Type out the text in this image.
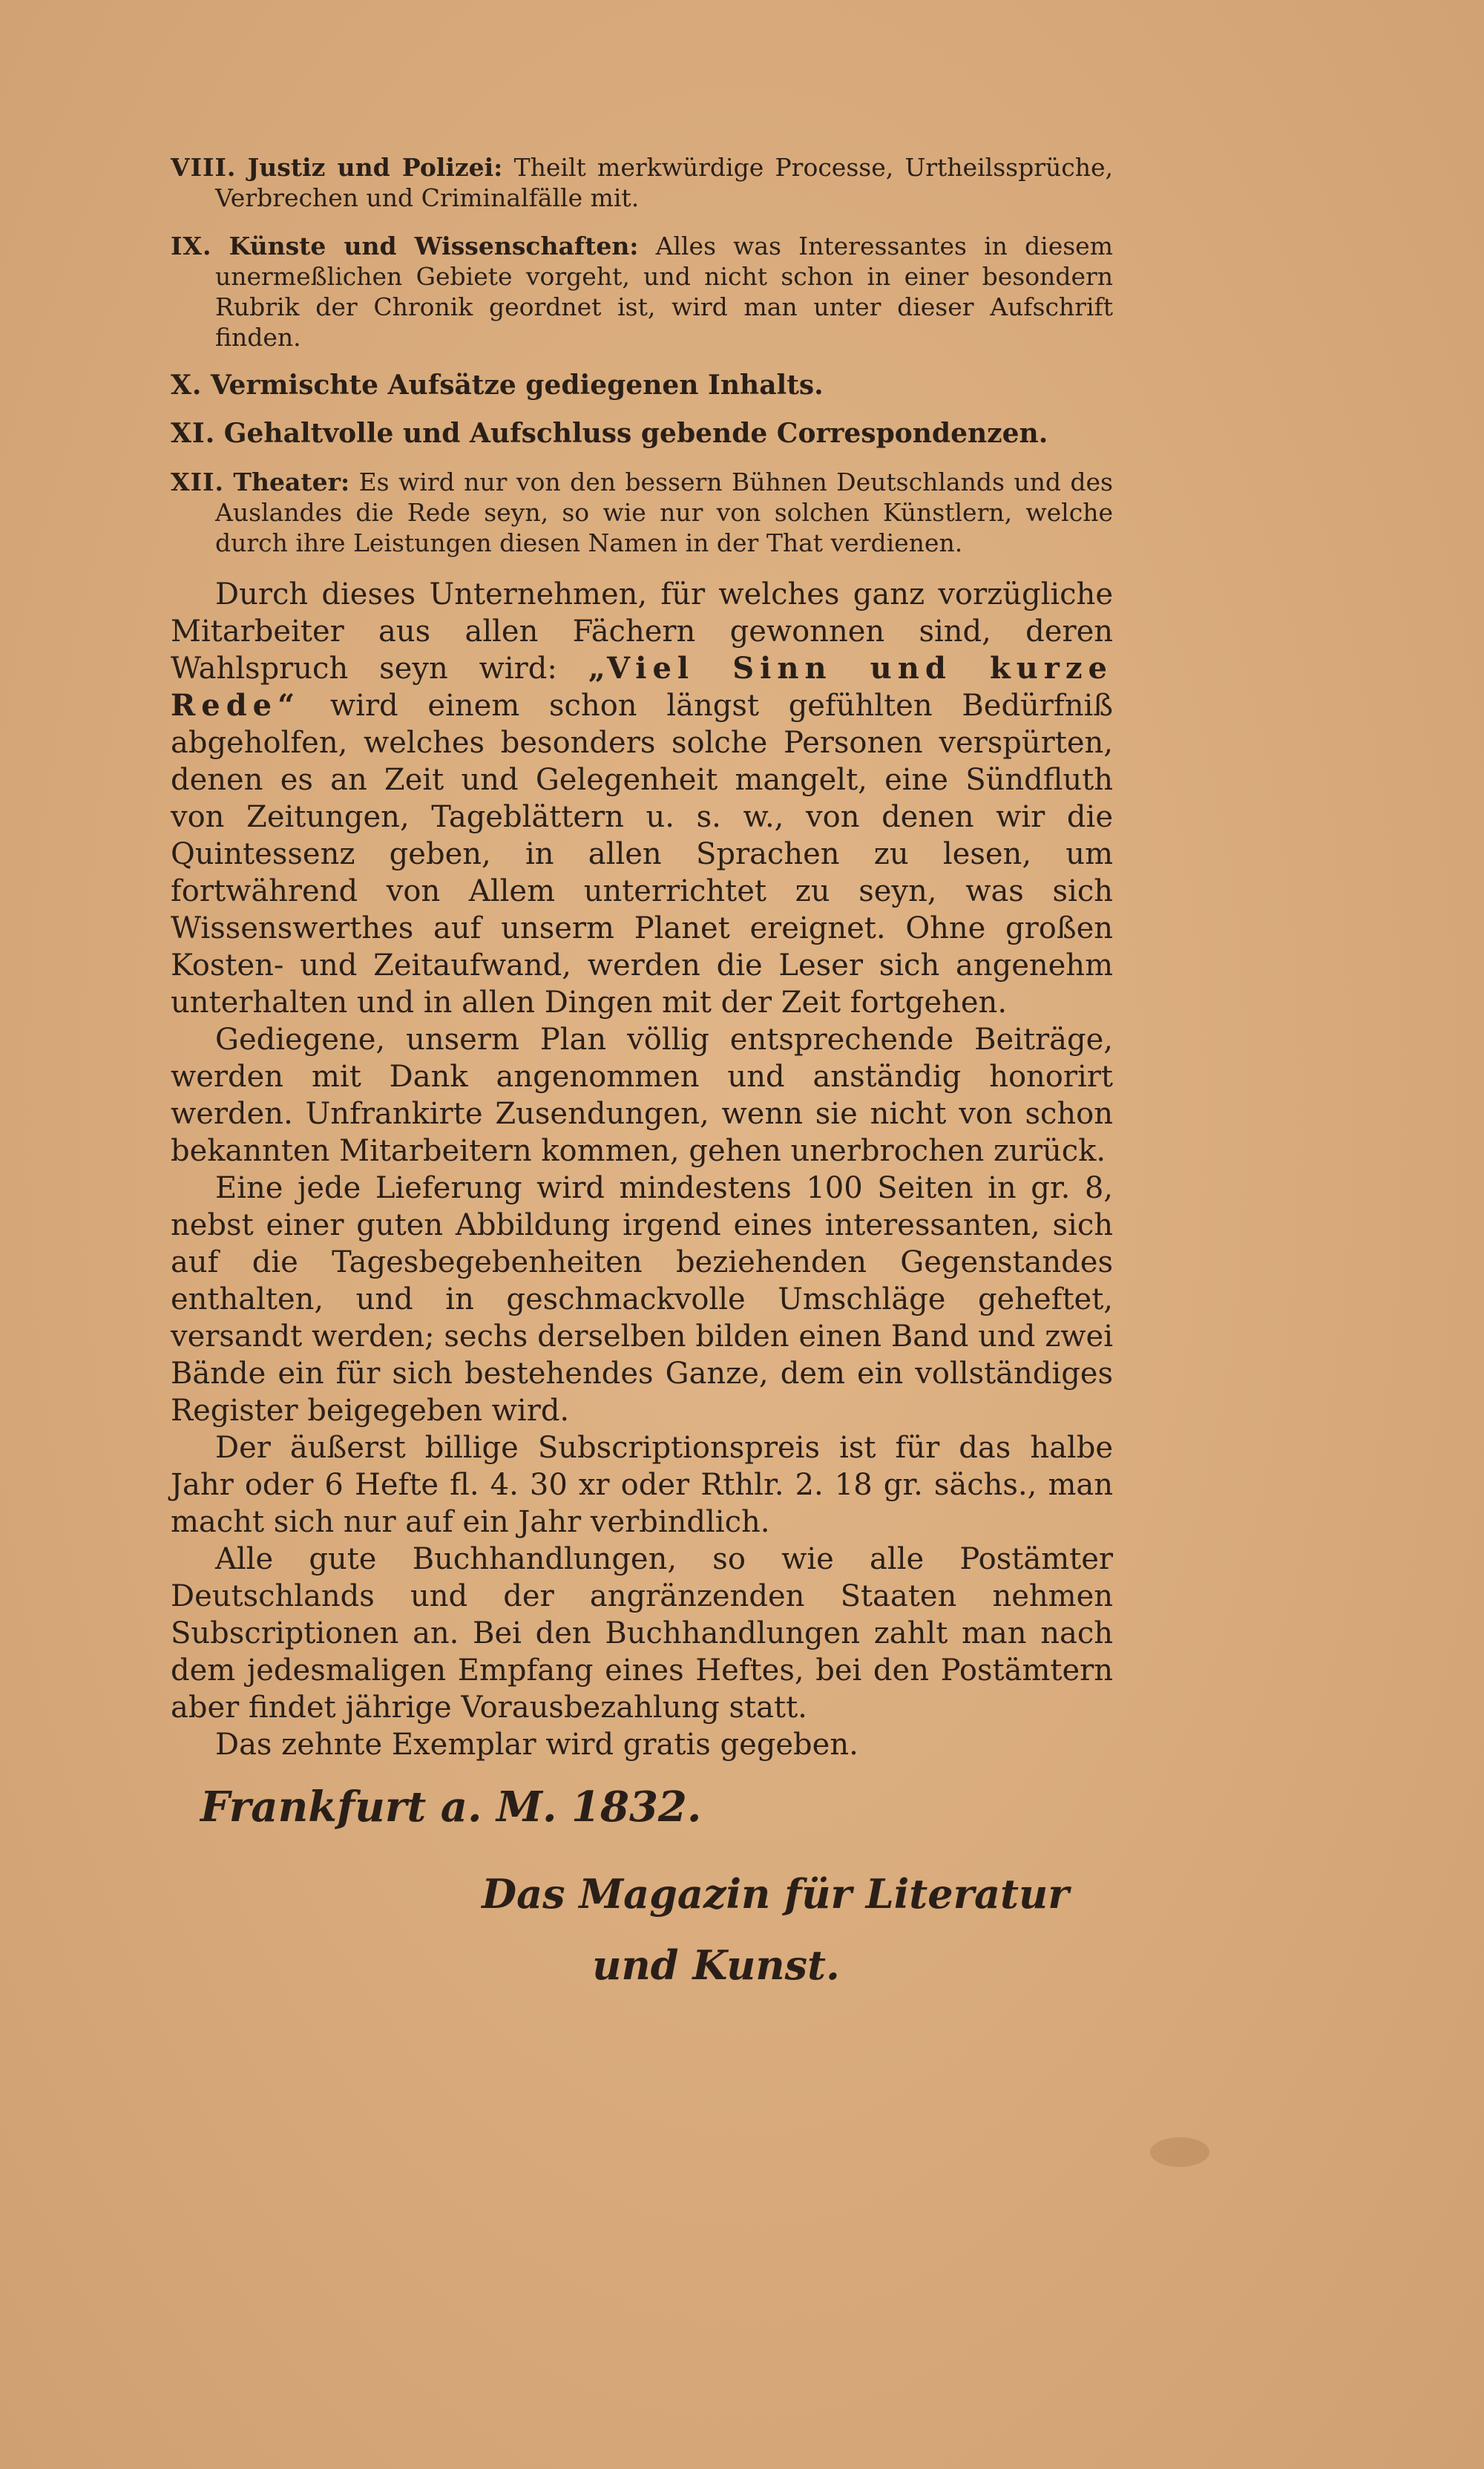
VIII. Justiz und Polizei: Theilt merkwürdige Processe, Urtheilssprüche, Verbrechen und Criminalfälle mit.

IX. Künste und Wissenschaften: Alles was Interessantes in diesem unermeßlichen Gebiete vorgeht, und nicht schon in einer besondern Rubrik der Chronik geordnet ist, wird man unter dieser Aufschrift finden.

X. Vermischte Aufsätze gediegenen Inhalts.

XI. Gehaltvolle und Aufschluss gebende Correspondenzen.

XII. Theater: Es wird nur von den bessern Bühnen Deutschlands und des Auslandes die Rede seyn, so wie nur von solchen Künstlern, welche durch ihre Leistungen diesen Namen in der That verdienen.

Durch dieses Unternehmen, für welches ganz vorzügliche Mitarbeiter aus allen Fächern gewonnen sind, deren Wahlspruch seyn wird: „Viel Sinn und kurze Rede“ wird einem schon längst gefühlten Bedürfniß abgeholfen, welches besonders solche Personen verspürten, denen es an Zeit und Gelegenheit mangelt, eine Sündfluth von Zeitungen, Tageblättern u. s. w., von denen wir die Quintessenz geben, in allen Sprachen zu lesen, um fortwährend von Allem unterrichtet zu seyn, was sich Wissenswerthes auf unserm Planet ereignet. Ohne großen Kosten- und Zeitaufwand, werden die Leser sich angenehm unterhalten und in allen Dingen mit der Zeit fortgehen.

Gediegene, unserm Plan völlig entsprechende Beiträge, werden mit Dank angenommen und anständig honorirt werden. Unfrankirte Zusendungen, wenn sie nicht von schon bekannten Mitarbeitern kommen, gehen unerbrochen zurück.

Eine jede Lieferung wird mindestens 100 Seiten in gr. 8, nebst einer guten Abbildung irgend eines interessanten, sich auf die Tagesbegebenheiten beziehenden Gegenstandes enthalten, und in geschmackvolle Umschläge geheftet, versandt werden; sechs derselben bilden einen Band und zwei Bände ein für sich bestehendes Ganze, dem ein vollständiges Register beigegeben wird.

Der äußerst billige Subscriptionspreis ist für das halbe Jahr oder 6 Hefte fl. 4. 30 xr oder Rthlr. 2. 18 gr. sächs., man macht sich nur auf ein Jahr verbindlich.

Alle gute Buchhandlungen, so wie alle Postämter Deutschlands und der angränzenden Staaten nehmen Subscriptionen an. Bei den Buchhandlungen zahlt man nach dem jedesmaligen Empfang eines Heftes, bei den Postämtern aber findet jährige Vorausbezahlung statt.

Das zehnte Exemplar wird gratis gegeben.

Frankfurt a. M. 1832.
Das Magazin für Literatur
und Kunst.
